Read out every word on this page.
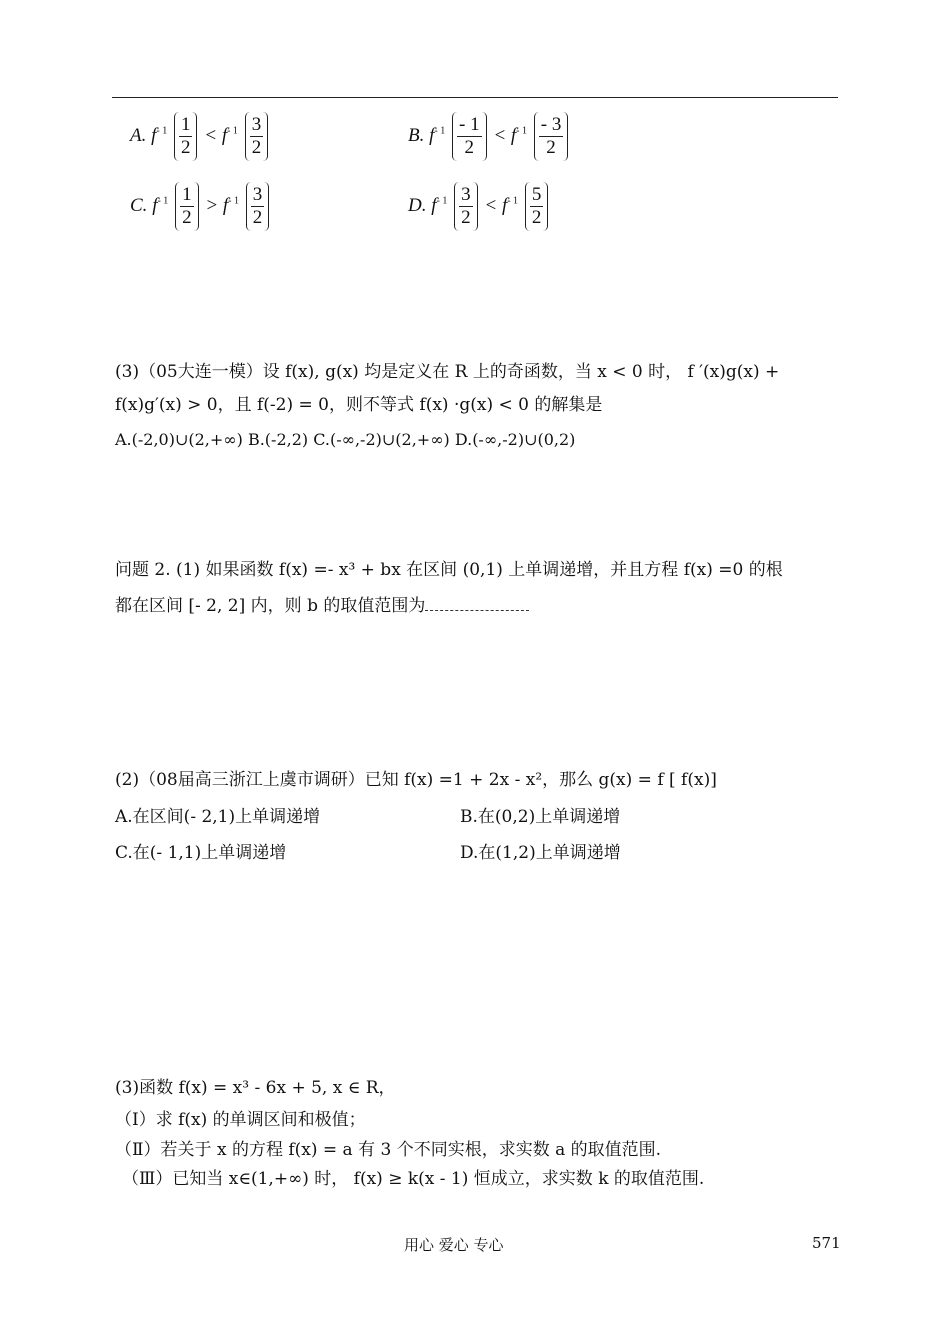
A. $f^{- 1} \frac{1}{2} < f^{- 1} \frac{3}{2}$	B. $f^{- 1} \frac{- 1}{2} < f^{- 1} \frac{- 3}{2}$
C. $f^{- 1} \frac{1}{2} > f^{- 1} \frac{3}{2}$	D. $f^{- 1} \frac{3}{2} < f^{- 1} \frac{5}{2}$
(3)（05大连一模）设 f(x), g(x) 均是定义在 R 上的奇函数，当 x < 0 时， f ′(x)g(x) +
f(x)g′(x) > 0，且 f(-2) = 0，则不等式 f(x) ·g(x) < 0 的解集是
A.(-2,0)∪(2,+∞) B.(-2,2) C.(-∞,-2)∪(2,+∞) D.(-∞,-2)∪(0,2)
问题 2. (1) 如果函数 f(x) =- x³ + bx 在区间 (0,1) 上单调递增，并且方程 f(x) =0 的根
都在区间 [- 2, 2] 内，则 b 的取值范围为
(2)（08届高三浙江上虞市调研）已知 f(x) =1 + 2x - x²，那么 g(x) = f [ f(x)]
A.在区间(- 2,1)上单调递增	B.在(0,2)上单调递增
C.在(- 1,1)上单调递增	D.在(1,2)上单调递增
(3)函数 f(x) = x³ - 6x + 5, x ∈ R，
（Ⅰ）求 f(x) 的单调区间和极值；
（Ⅱ）若关于 x 的方程 f(x) = a 有 3 个不同实根，求实数 a 的取值范围.
（Ⅲ）已知当 x∈(1,+∞) 时， f(x) ≥ k(x - 1) 恒成立，求实数 k 的取值范围.
用心 爱心 专心	571
